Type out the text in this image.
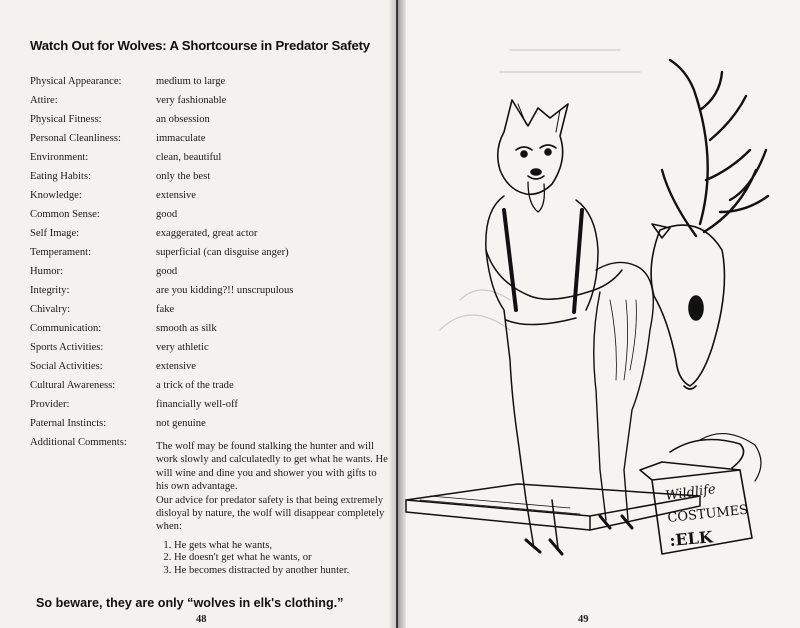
Watch Out for Wolves: A Shortcourse in Predator Safety
Physical Appearance:	medium to large
Attire:	very fashionable
Physical Fitness:	an obsession
Personal Cleanliness:	immaculate
Environment:	clean, beautiful
Eating Habits:	only the best
Knowledge:	extensive
Common Sense:	good
Self Image:	exaggerated, great actor
Temperament:	superficial (can disguise anger)
Humor:	good
Integrity:	are you kidding?!! unscrupulous
Chivalry:	fake
Communication:	smooth as silk
Sports Activities:	very athletic
Social Activities:	extensive
Cultural Awareness:	a trick of the trade
Provider:	financially well-off
Paternal Instincts:	not genuine
Additional Comments:	The wolf may be found stalking the hunter and will work slowly and calculatedly to get what he wants. He will wine and dine you and shower you with gifts to his own advantage.

Our advice for predator safety is that being extremely disloyal by nature, the wolf will disappear completely when:

1. He gets what he wants,
2. He doesn't get what he wants, or
3. He becomes distracted by another hunter.
So beware, they are only “wolves in elk's clothing.”
48	49
Wildlife
COSTUMES
:ELK
